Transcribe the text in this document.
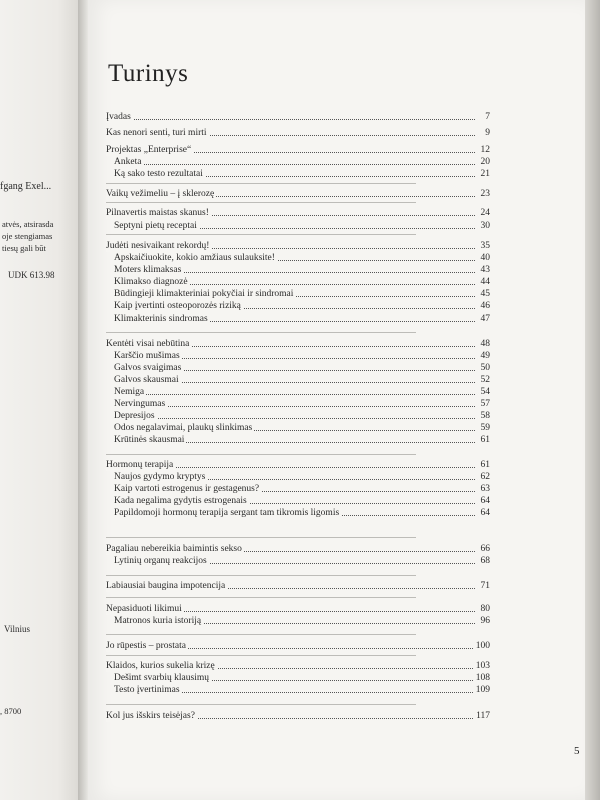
fgang Exel...
atvės, atsirasda
oje stengiamas
tiesų gali būt
UDK 613.98
Vilnius
, 8700
Turinys
Įvadas	7
Kas nenori senti, turi mirti	9
Projektas „Enterprise“	12
Anketa	20
Ką sako testo rezultatai	21
Vaikų vežimeliu – į sklerozę	23
Pilnavertis maistas skanus!	24
Septyni pietų receptai	30
Judėti nesivaikant rekordų!	35
Apskaičiuokite, kokio amžiaus sulauksite!	40
Moters klimaksas	43
Klimakso diagnozė	44
Būdingieji klimakteriniai pokyčiai ir sindromai	45
Kaip įvertinti osteoporozės riziką	46
Klimakterinis sindromas	47
Kentėti visai nebūtina	48
Karščio mušimas	49
Galvos svaigimas	50
Galvos skausmai	52
Nemiga	54
Nervingumas	57
Depresijos	58
Odos negalavimai, plaukų slinkimas	59
Krūtinės skausmai	61
Hormonų terapija	61
Naujos gydymo kryptys	62
Kaip vartoti estrogenus ir gestagenus?	63
Kada negalima gydytis estrogenais	64
Papildomoji hormonų terapija sergant tam tikromis ligomis	64
Pagaliau nebereikia baimintis sekso	66
Lytinių organų reakcijos	68
Labiausiai baugina impotencija	71
Nepasiduoti likimui	80
Matronos kuria istoriją	96
Jo rūpestis – prostata	100
Klaidos, kurios sukelia krizę	103
Dešimt svarbių klausimų	108
Testo įvertinimas	109
Kol jus išskirs teisėjas?	117
5
